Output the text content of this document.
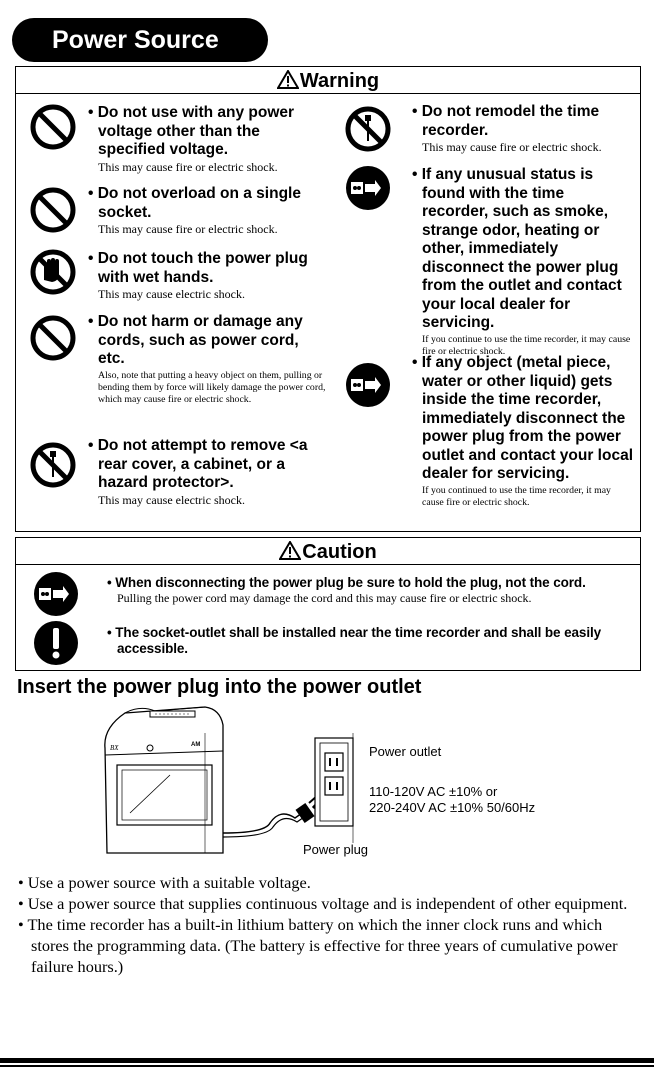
Power Source
Warning
• Do not use with any power voltage other than the specified voltage.
This may cause fire or electric shock.
• Do not overload on a single socket.
This may cause fire or electric shock.
• Do not touch the power plug with wet hands.
This may cause electric shock.
• Do not harm or damage any cords, such as power cord, etc.
Also, note that putting a heavy object on them, pulling or bending them by force will likely damage the power cord, which may cause fire or electric shock.
• Do not attempt to remove <a rear cover, a cabinet, or a hazard protector>.
This may cause electric shock.
• Do not remodel the time recorder.
This may cause fire or electric shock.
• If any unusual status is found with the time recorder, such as smoke, strange odor, heating or other, immediately disconnect the power plug from the outlet and contact your local dealer for servicing.
If you continue to use the time recorder, it may cause fire or electric shock.
• If any object (metal piece, water or other liquid) gets inside the time recorder, immediately disconnect the power plug from the power outlet and contact your local dealer for servicing.
If you continued to use the time recorder, it may cause fire or electric shock.
Caution
• When disconnecting the power plug be sure to hold the plug, not the cord.
Pulling the power cord may damage the cord and this may cause fire or electric shock.
• The socket-outlet shall be installed near the time recorder and shall be easily accessible.
Insert the power plug into the power outlet
BX	AM	Power outlet
110-120V AC ±10% or
220-240V AC ±10% 50/60Hz
Power plug
• Use a power source with a suitable voltage.
• Use a power source that supplies continuous voltage and is independent of other equipment.
• The time recorder has a built-in lithium battery on which the inner clock runs and which stores the programming data. (The battery is effective for three years of cumulative power failure hours.)
